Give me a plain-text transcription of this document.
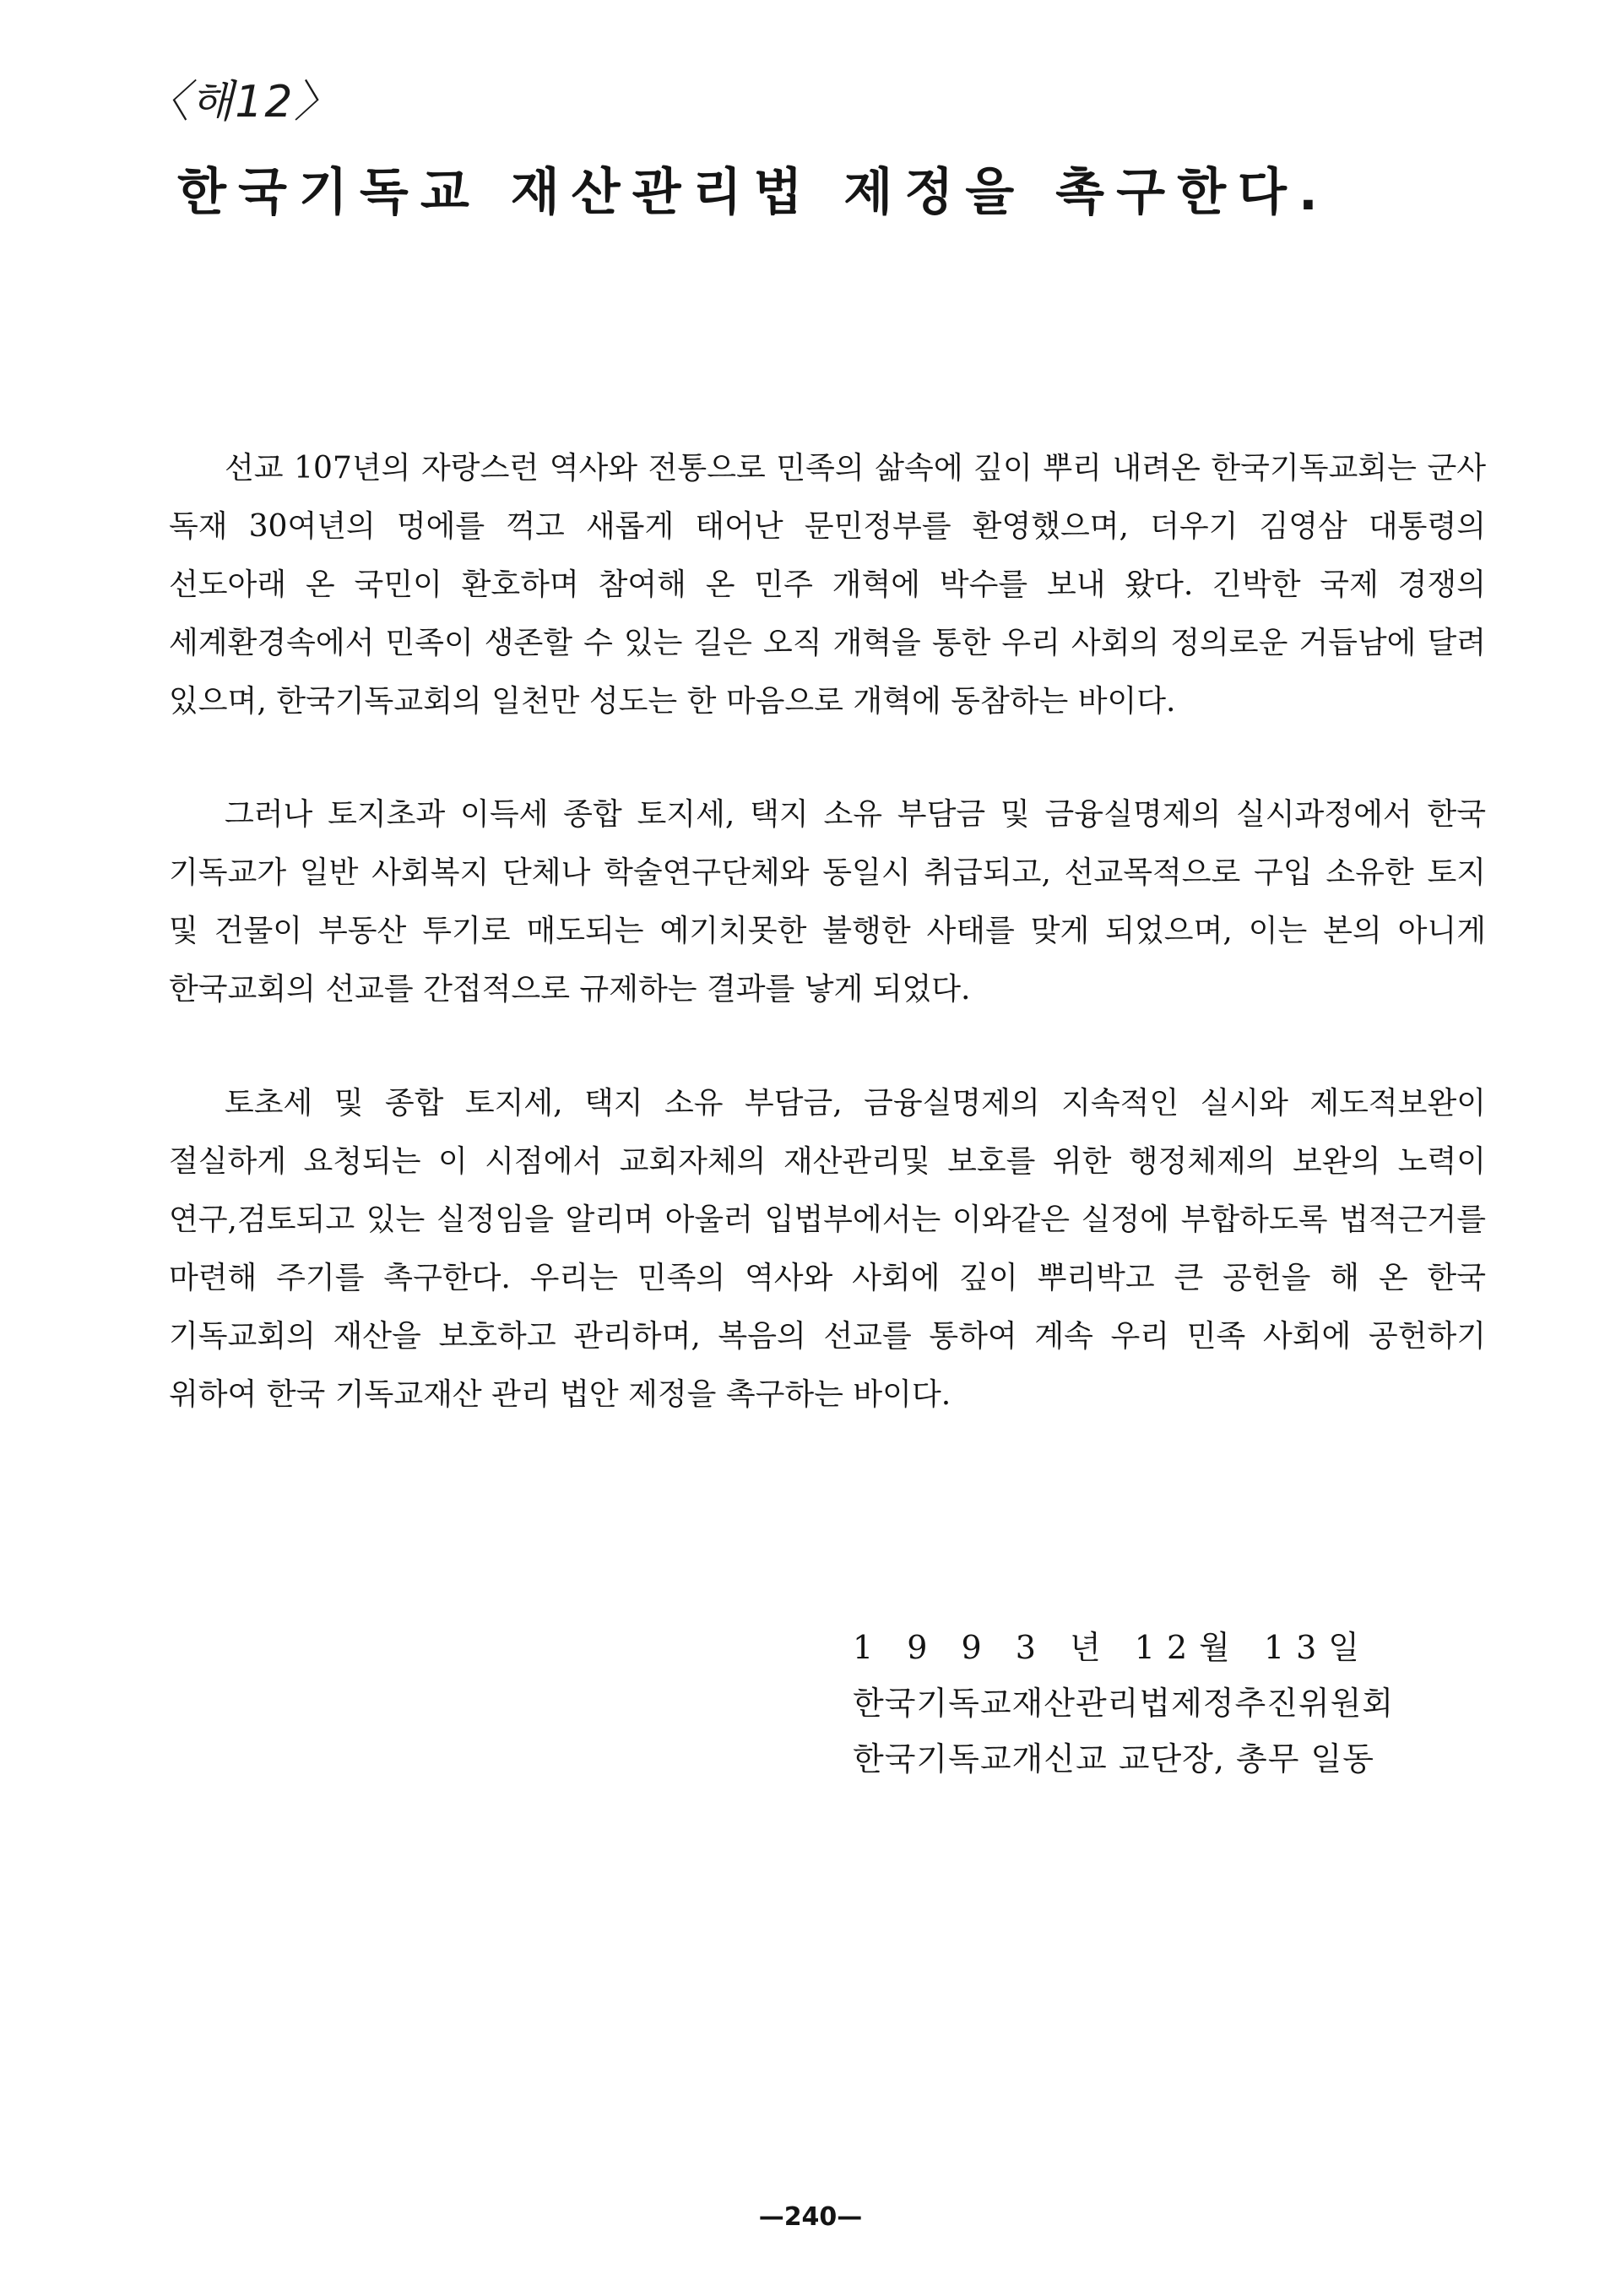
〈해12〉
한국기독교 재산관리법 제정을 촉구한다.

선교 107년의 자랑스런 역사와 전통으로 민족의 삶속에 깊이 뿌리 내려온 한국기독교회는 군사 독재 30여년의 멍에를 꺽고 새롭게 태어난 문민정부를 환영했으며, 더우기 김영삼 대통령의 선도아래 온 국민이 환호하며 참여해 온 민주 개혁에 박수를 보내 왔다. 긴박한 국제 경쟁의 세계환경속에서 민족이 생존할 수 있는 길은 오직 개혁을 통한 우리 사회의 정의로운 거듭남에 달려 있으며, 한국기독교회의 일천만 성도는 한 마음으로 개혁에 동참하는 바이다.

그러나 토지초과 이득세 종합 토지세, 택지 소유 부담금 및 금융실명제의 실시과정에서 한국 기독교가 일반 사회복지 단체나 학술연구단체와 동일시 취급되고, 선교목적으로 구입 소유한 토지 및 건물이 부동산 투기로 매도되는 예기치못한 불행한 사태를 맞게 되었으며, 이는 본의 아니게 한국교회의 선교를 간접적으로 규제하는 결과를 낳게 되었다.

토초세 및 종합 토지세, 택지 소유 부담금, 금융실명제의 지속적인 실시와 제도적보완이 절실하게 요청되는 이 시점에서 교회자체의 재산관리및 보호를 위한 행정체제의 보완의 노력이 연구,검토되고 있는 실정임을 알리며 아울러 입법부에서는 이와같은 실정에 부합하도록 법적근거를 마련해 주기를 촉구한다. 우리는 민족의 역사와 사회에 깊이 뿌리박고 큰 공헌을 해 온 한국 기독교회의 재산을 보호하고 관리하며, 복음의 선교를 통하여 계속 우리 민족 사회에 공헌하기 위하여 한국 기독교재산 관리 법안 제정을 촉구하는 바이다.

1 9 9 3 년 12월 13일
한국기독교재산관리법제정추진위원회
한국기독교개신교 교단장, 총무 일동
—240—
